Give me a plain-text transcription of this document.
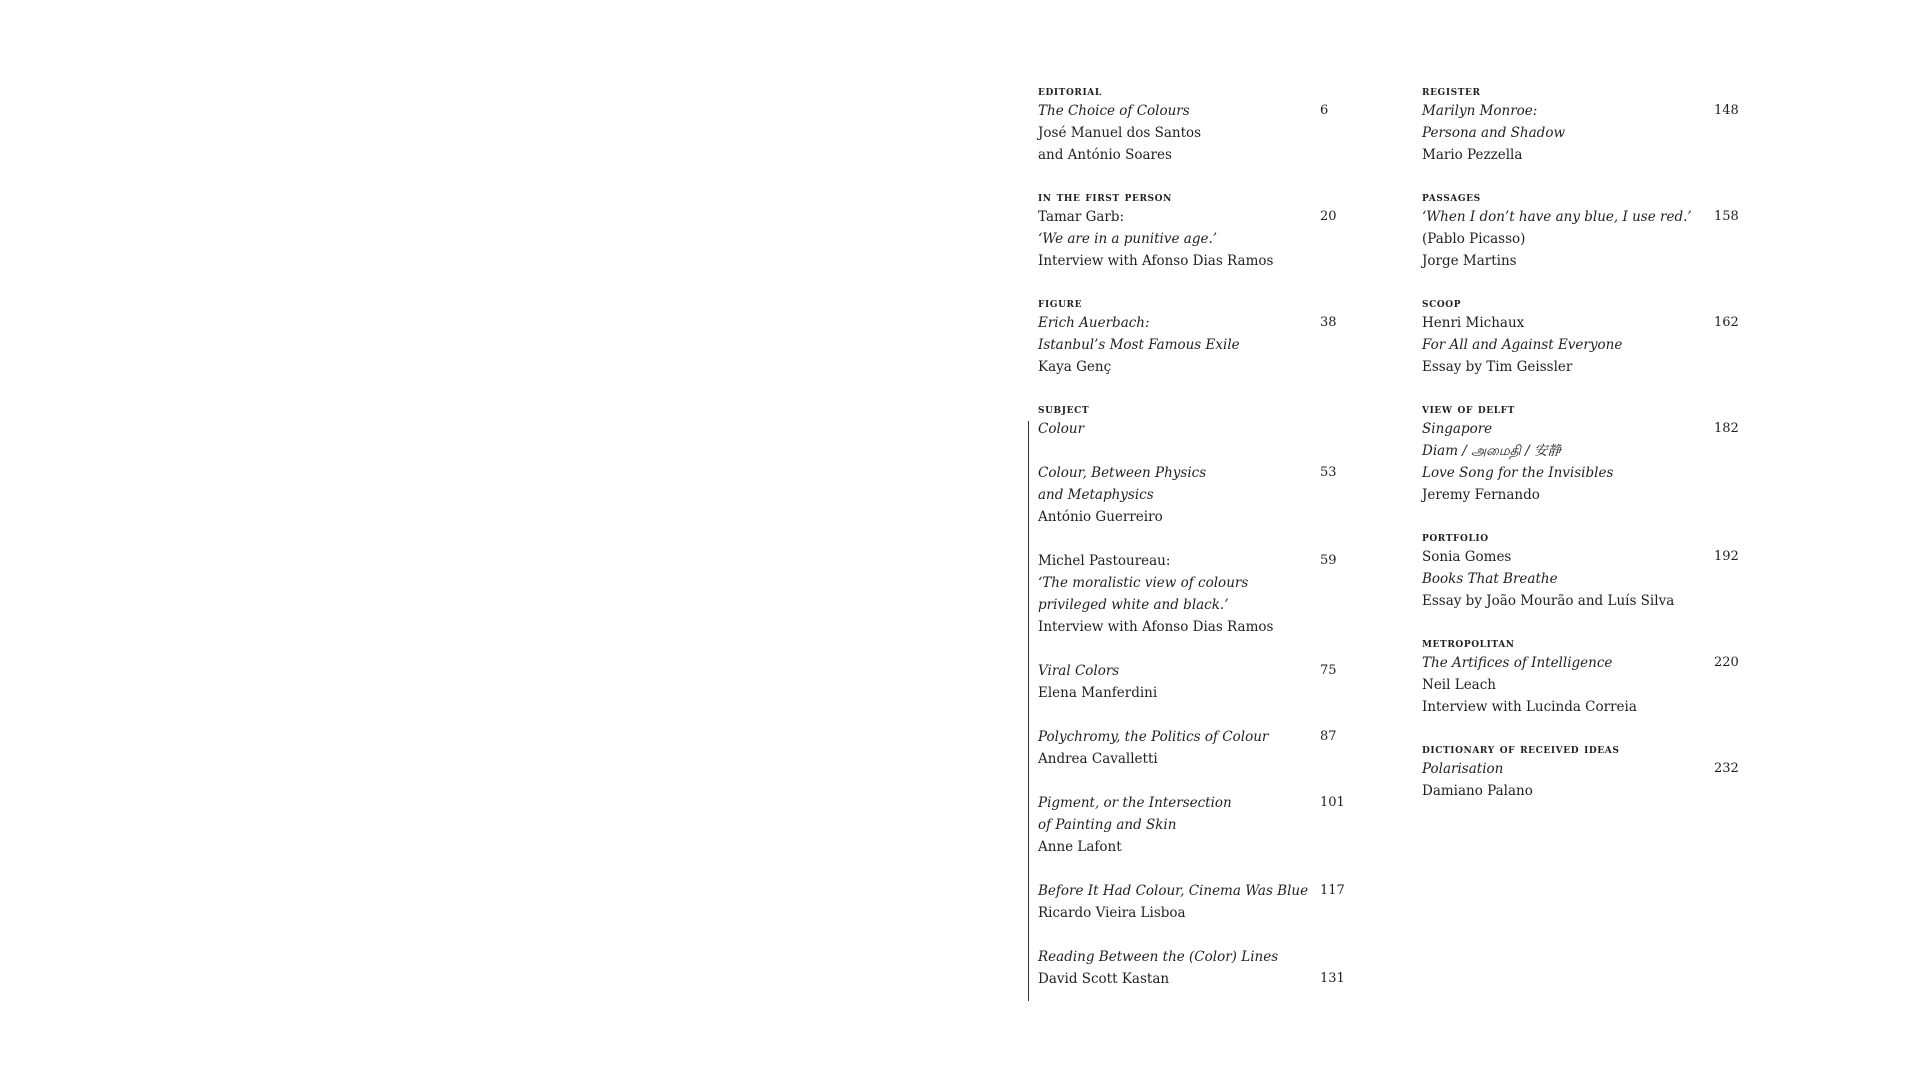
editorial
The Choice of Colours
José Manuel dos Santos
and António Soares
6
in the first person
Tamar Garb:
‘We are in a punitive age.’
Interview with Afonso Dias Ramos
20
figure
Erich Auerbach:
Istanbul’s Most Famous Exile
Kaya Genç
38
subject
Colour
Colour, Between Physics
and Metaphysics
António Guerreiro
53
Michel Pastoureau:
‘The moralistic view of colours
privileged white and black.’
Interview with Afonso Dias Ramos
59
Viral Colors
Elena Manferdini
75
Polychromy, the Politics of Colour
Andrea Cavalletti
87
Pigment, or the Intersection
of Painting and Skin
Anne Lafont
101
Before It Had Colour, Cinema Was Blue
Ricardo Vieira Lisboa
117
Reading Between the (Color) Lines
David Scott Kastan	131
register
Marilyn Monroe:
Persona and Shadow
Mario Pezzella
148
passages
‘When I don’t have any blue, I use red.’
(Pablo Picasso)
Jorge Martins
158
scoop
Henri Michaux
For All and Against Everyone
Essay by Tim Geissler
162
view of delft
Singapore
Diam / அமைதி / 安静
Love Song for the Invisibles
Jeremy Fernando
182
portfolio
Sonia Gomes
Books That Breathe
Essay by João Mourão and Luís Silva
192
metropolitan
The Artifices of Intelligence
Neil Leach
Interview with Lucinda Correia
220
dictionary of received ideas
Polarisation
Damiano Palano
232
